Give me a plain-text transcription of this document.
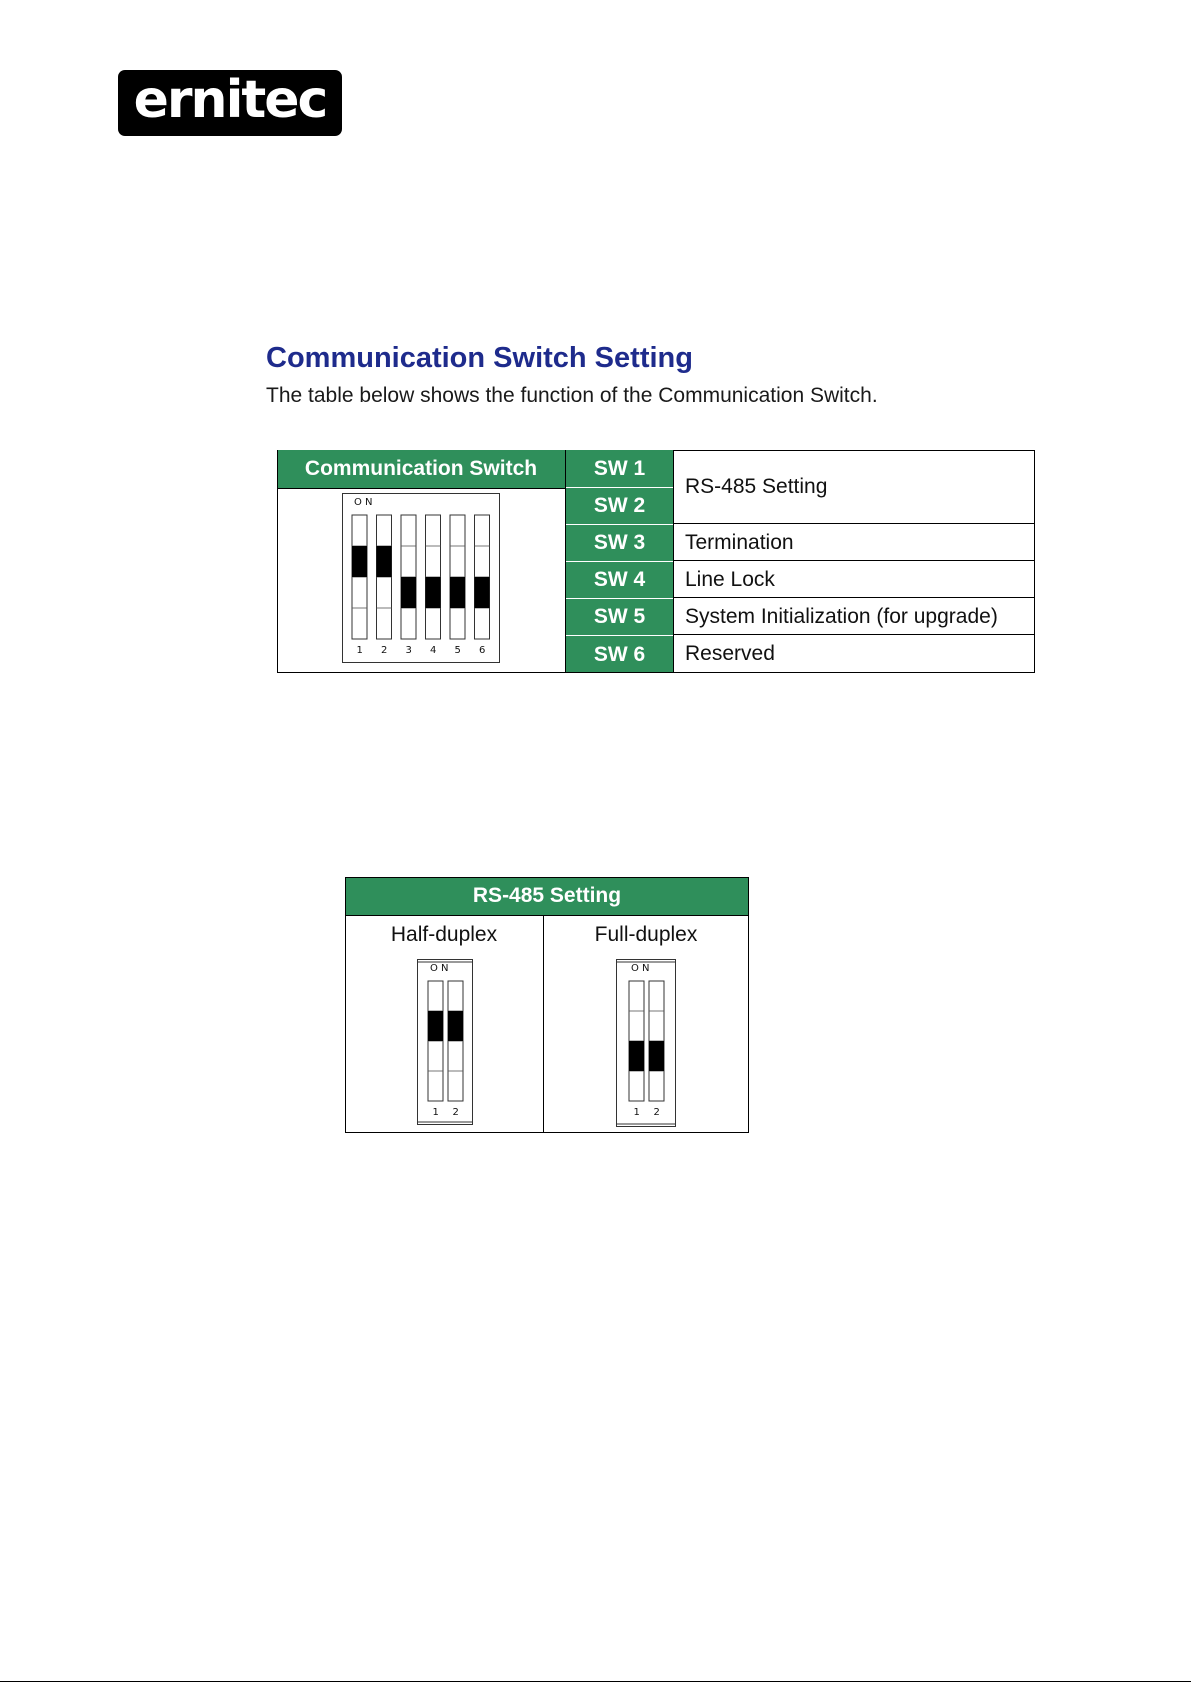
ernitec
Communication Switch Setting
The table below shows the function of the Communication Switch.
Communication Switch	SW 1
SW 2
SW 3
SW 4
SW 5
SW 6
RS-485 Setting
Termination
Line Lock
System Initialization (for upgrade)
Reserved
O N
1 2 3 4 5 6
RS-485 Setting
Half-duplex	Full-duplex
O N
1 2
O N
1 2
